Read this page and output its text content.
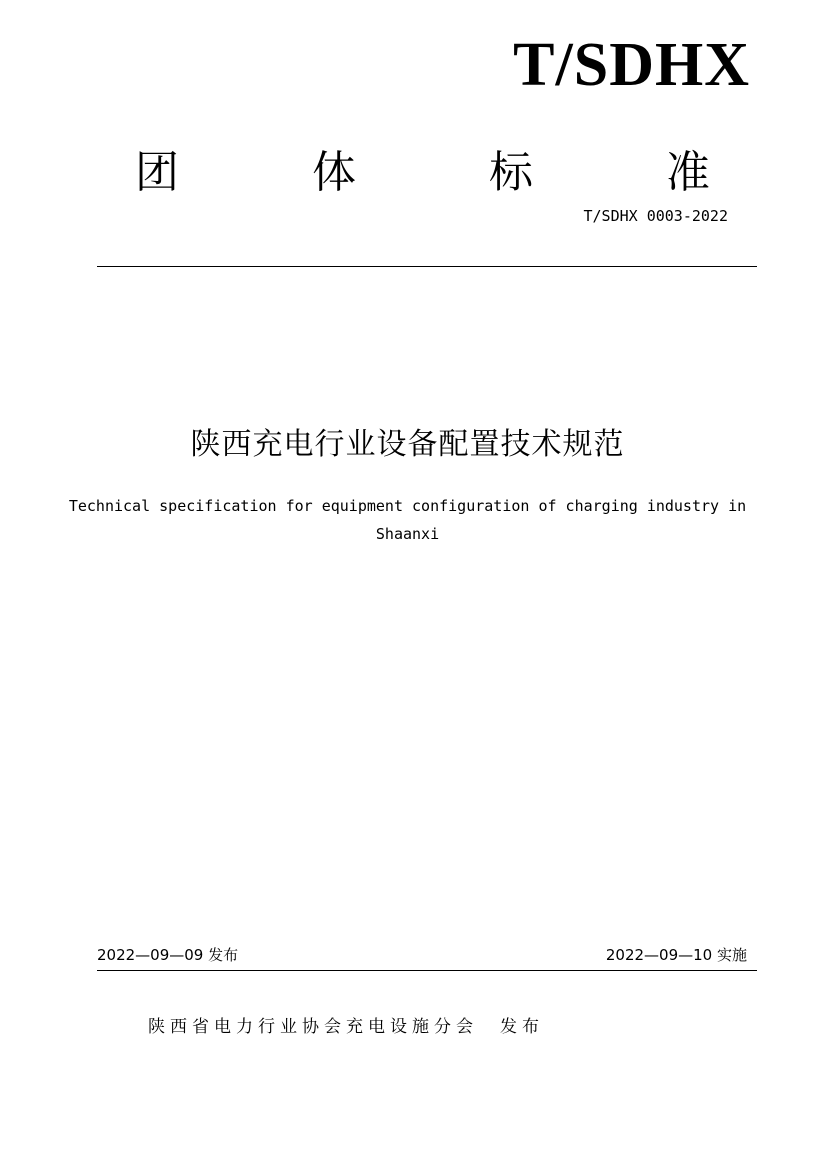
T/SDHX
团	体	标	准
T/SDHX 0003-2022
陕西充电行业设备配置技术规范
Technical specification for equipment configuration of charging industry in Shaanxi
2022—09—09 发布	2022—09—10 实施
陕西省电力行业协会充电设施分会 发布
